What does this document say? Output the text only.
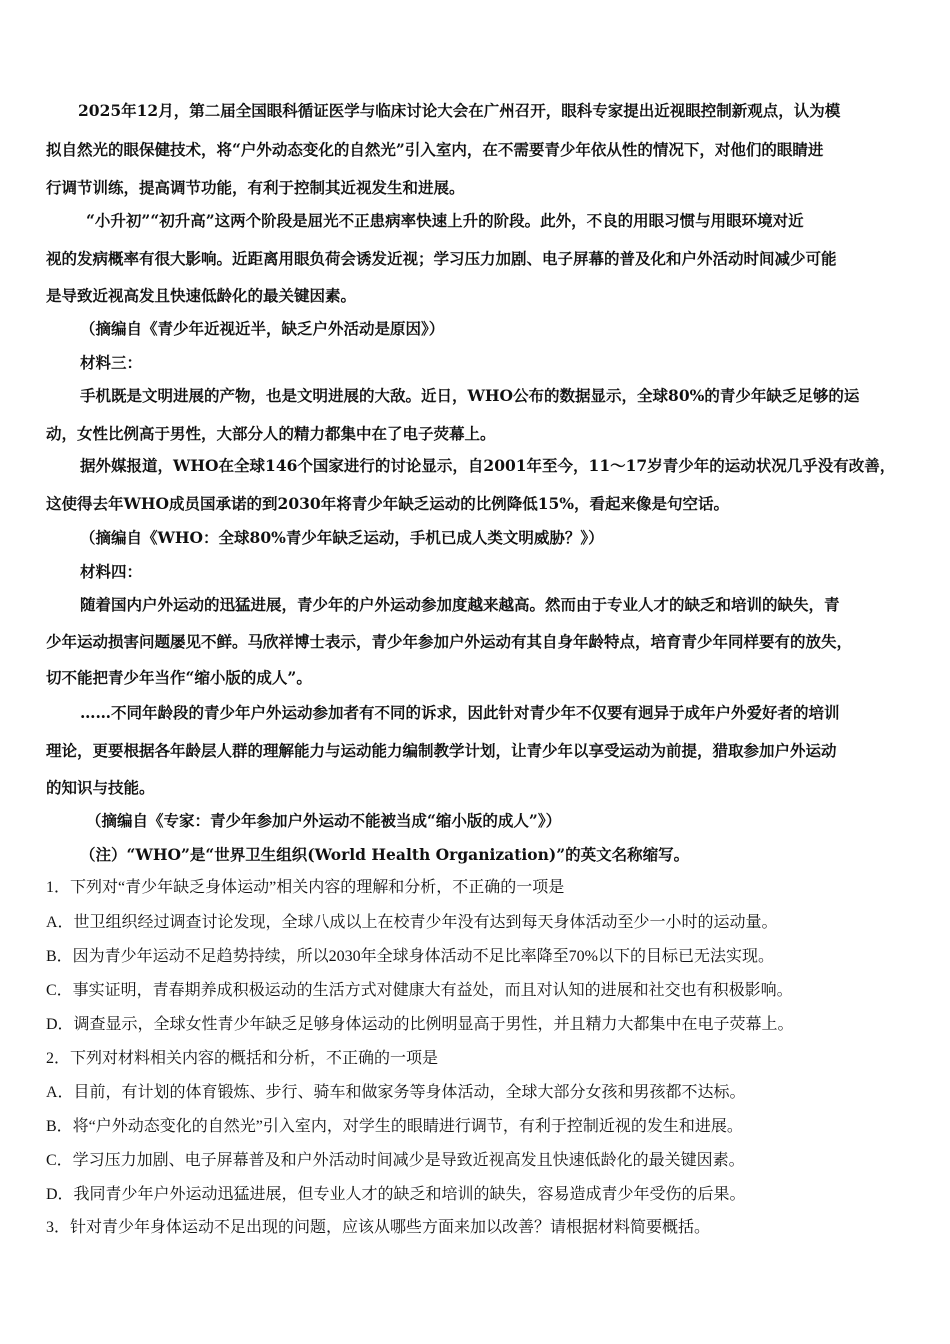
2025年12月，第二届全国眼科循证医学与临床讨论大会在广州召开，眼科专家提出近视眼控制新观点，认为模
拟自然光的眼保健技术，将“户外动态变化的自然光”引入室内，在不需要青少年依从性的情况下，对他们的眼睛进
行调节训练，提高调节功能，有利于控制其近视发生和进展。
“小升初”“初升高”这两个阶段是屈光不正患病率快速上升的阶段。此外，不良的用眼习惯与用眼环境对近
视的发病概率有很大影响。近距离用眼负荷会诱发近视；学习压力加剧、电子屏幕的普及化和户外活动时间减少可能
是导致近视高发且快速低龄化的最关键因素。
（摘编自《青少年近视近半，缺乏户外活动是原因》）
材料三：
手机既是文明进展的产物，也是文明进展的大敌。近日，WHO公布的数据显示，全球80%的青少年缺乏足够的运
动，女性比例高于男性，大部分人的精力都集中在了电子荧幕上。
据外媒报道，WHO在全球146个国家进行的讨论显示，自2001年至今，11～17岁青少年的运动状况几乎没有改善，
这使得去年WHO成员国承诺的到2030年将青少年缺乏运动的比例降低15%，看起来像是句空话。
（摘编自《WHO：全球80%青少年缺乏运动，手机已成人类文明威胁？》）
材料四：
随着国内户外运动的迅猛进展，青少年的户外运动参加度越来越高。然而由于专业人才的缺乏和培训的缺失，青
少年运动损害问题屡见不鲜。马欣祥博士表示，青少年参加户外运动有其自身年龄特点，培育青少年同样要有的放失，
切不能把青少年当作“缩小版的成人”。
……不同年龄段的青少年户外运动参加者有不同的诉求，因此针对青少年不仅要有迥异于成年户外爱好者的培训
理论，更要根据各年龄层人群的理解能力与运动能力编制教学计划，让青少年以享受运动为前提，猎取参加户外运动
的知识与技能。
（摘编自《专家：青少年参加户外运动不能被当成“缩小版的成人”》）
（注）“WHO”是“世界卫生组织(World Health Organization)”的英文名称缩写。
1．下列对“青少年缺乏身体运动”相关内容的理解和分析，不正确的一项是
A．世卫组织经过调查讨论发现，全球八成以上在校青少年没有达到每天身体活动至少一小时的运动量。
B．因为青少年运动不足趋势持续，所以2030年全球身体活动不足比率降至70%以下的目标已无法实现。
C．事实证明，青春期养成积极运动的生活方式对健康大有益处，而且对认知的进展和社交也有积极影响。
D．调查显示，全球女性青少年缺乏足够身体运动的比例明显高于男性，并且精力大都集中在电子荧幕上。
2．下列对材料相关内容的概括和分析，不正确的一项是
A．目前，有计划的体育锻炼、步行、骑车和做家务等身体活动，全球大部分女孩和男孩都不达标。
B．将“户外动态变化的自然光”引入室内，对学生的眼睛进行调节，有利于控制近视的发生和进展。
C．学习压力加剧、电子屏幕普及和户外活动时间减少是导致近视高发且快速低龄化的最关键因素。
D．我同青少年户外运动迅猛进展，但专业人才的缺乏和培训的缺失，容易造成青少年受伤的后果。
3．针对青少年身体运动不足出现的问题，应该从哪些方面来加以改善？请根据材料简要概括。
